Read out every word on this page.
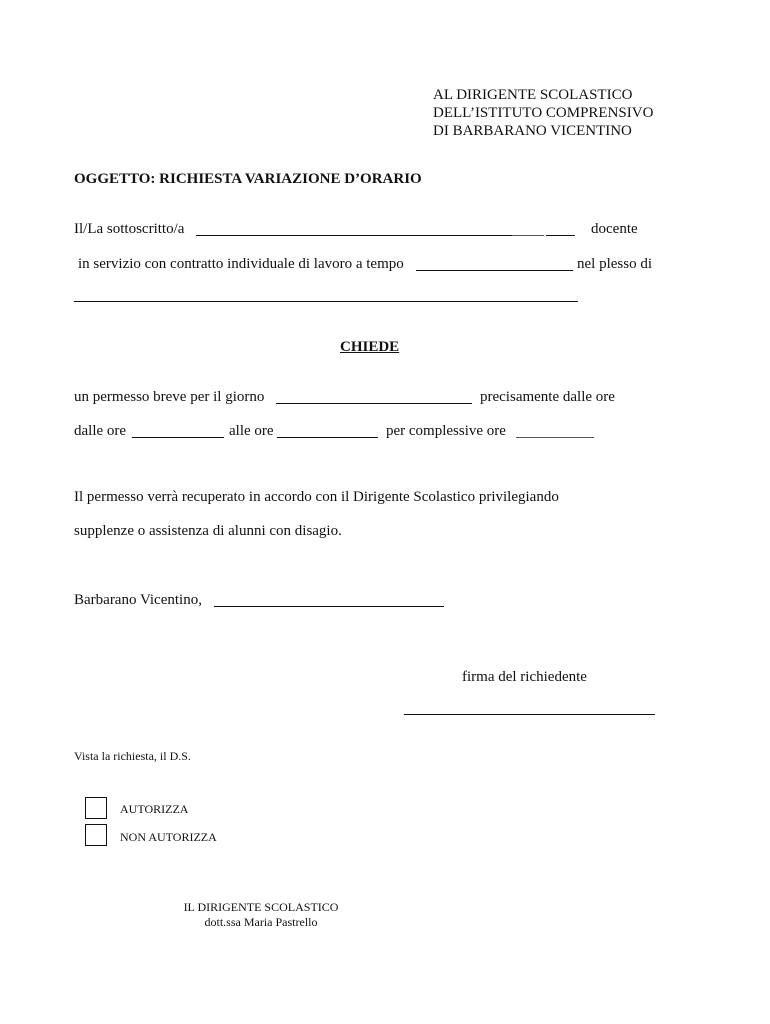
AL DIRIGENTE SCOLASTICO
DELL’ISTITUTO COMPRENSIVO
DI BARBARANO VICENTINO
OGGETTO: RICHIESTA VARIAZIONE D’ORARIO
Il/La sottoscritto/a	docente
in servizio con contratto individuale di lavoro a tempo	nel plesso di
CHIEDE
un permesso breve per il giorno	precisamente dalle ore
dalle ore	alle ore	per complessive ore
Il permesso verrà recuperato in accordo con il Dirigente Scolastico privilegiando
supplenze o assistenza di alunni con disagio.
Barbarano Vicentino,
firma del richiedente
Vista la richiesta, il D.S.
AUTORIZZA
NON AUTORIZZA
IL DIRIGENTE SCOLASTICO
dott.ssa Maria Pastrello
